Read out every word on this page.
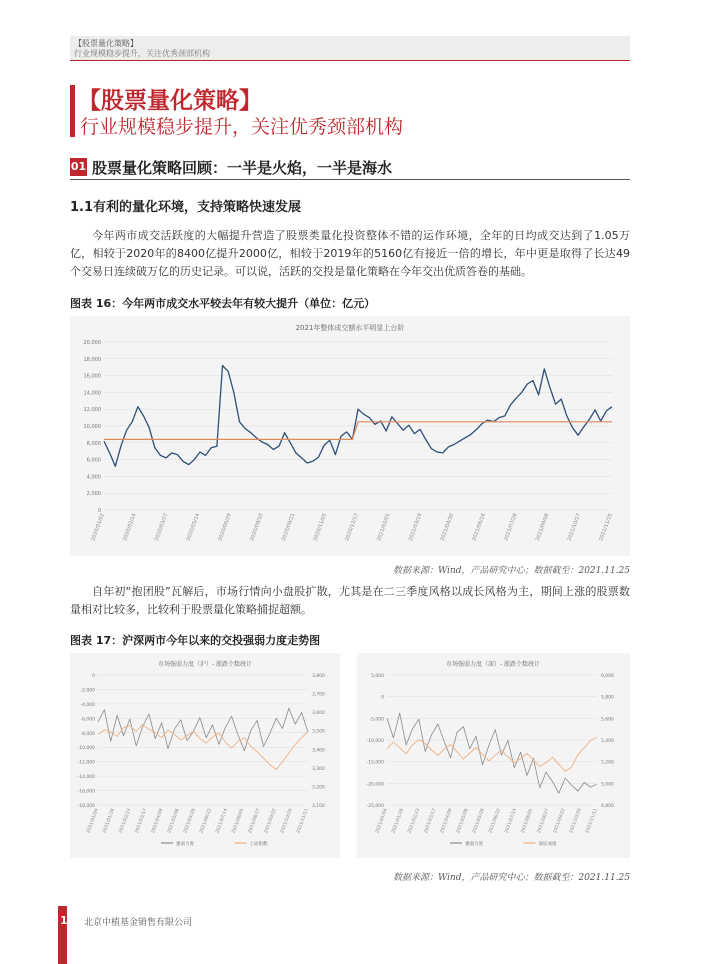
【股票量化策略】
行业规模稳步提升，关注优秀颈部机构
【股票量化策略】
行业规模稳步提升，关注优秀颈部机构
01 股票量化策略回顾：一半是火焰，一半是海水
1.1有利的量化环境，支持策略快速发展
今年两市成交活跃度的大幅提升营造了股票类量化投资整体不错的运作环境，全年的日均成交达到了1.05万亿，相较于2020年的8400亿提升2000亿，相较于2019年的5160亿有接近一倍的增长，年中更是取得了长达49个交易日连续破万亿的历史记录。可以说，活跃的交投是量化策略在今年交出优质答卷的基础。
图表 16：今年两市成交水平较去年有较大提升（单位：亿元）
2021年整体成交额水平明显上台阶
0
2,000
4,000
6,000
8,000
10,000
12,000
14,000
16,000
18,000
20,000
2020/01/02	2020/02/14	2020/03/27	2020/05/14	2020/06/29	2020/08/10	2020/09/21	2020/11/05	2020/12/17	2021/02/01	2021/03/19	2021/04/30	2021/06/16	2021/07/28	2021/09/08	2021/10/27	2021/11/25
数据来源：Wind，产品研究中心；数据截至：2021.11.25
自年初“抱团股”瓦解后，市场行情向小盘股扩散，尤其是在二三季度风格以成长风格为主，期间上涨的股票数量相对比较多，比较利于股票量化策略捕捉超额。
图表 17：沪深两市今年以来的交投强弱力度走势图
市场强弱力度（沪）- 涨跌个数统计
0
-2,000
-4,000
-6,000
-8,000
-10,000
-12,000
-14,000
-16,000
-18,000
3,800
3,700
3,600
3,500
3,400
3,300
3,200
3,100
2021/01/04 2021/01/28 2021/02/23 2021/03/17 2021/04/09 2021/05/06 2021/05/28 2021/06/22 2021/07/14 2021/08/05 2021/08/27 2021/09/22 2021/10/20 2021/11/11
强弱力度	上证指数
市场强弱力度（深）- 涨跌个数统计
5,000
0
-5,000
-10,000
-15,000
-20,000
-25,000
6,000
5,800
5,600
5,400
5,200
5,000
4,800
2021/01/04 2021/01/28 2021/02/23 2021/03/17 2021/04/09 2021/05/06 2021/05/28 2021/06/22 2021/07/14 2021/08/05 2021/08/27 2021/09/22 2021/10/20 2021/11/11
强弱力度	深证成指
数据来源：Wind，产品研究中心；数据截至：2021.11.25
14 北京中植基金销售有限公司
